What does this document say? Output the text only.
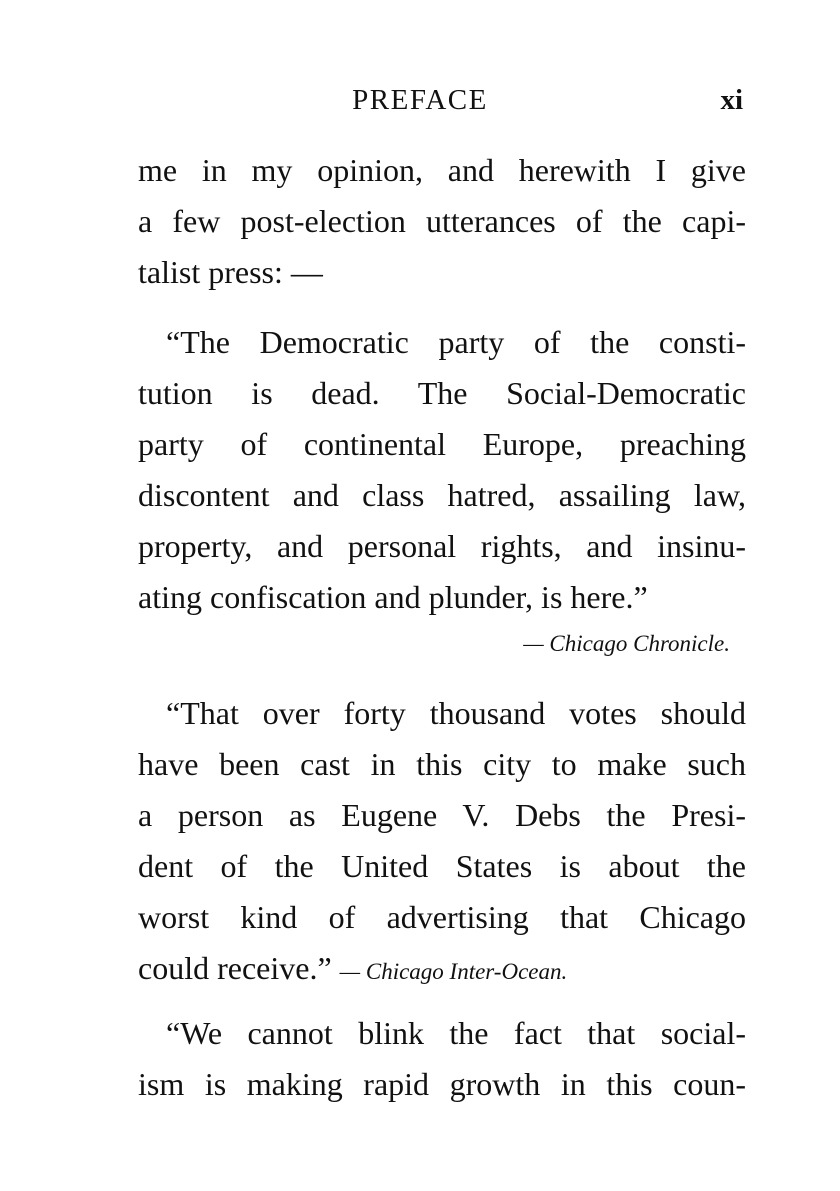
PREFACE	xi
me in my opinion, and herewith I give
a few post-election utterances of the capi-
talist press: —
“The Democratic party of the consti-
tution is dead. The Social-Democratic
party of continental Europe, preaching
discontent and class hatred, assailing law,
property, and personal rights, and insinu-
ating confiscation and plunder, is here.”
— Chicago Chronicle.
“That over forty thousand votes should
have been cast in this city to make such
a person as Eugene V. Debs the Presi-
dent of the United States is about the
worst kind of advertising that Chicago
could receive.” — Chicago Inter-Ocean.
“We cannot blink the fact that social-
ism is making rapid growth in this coun-
